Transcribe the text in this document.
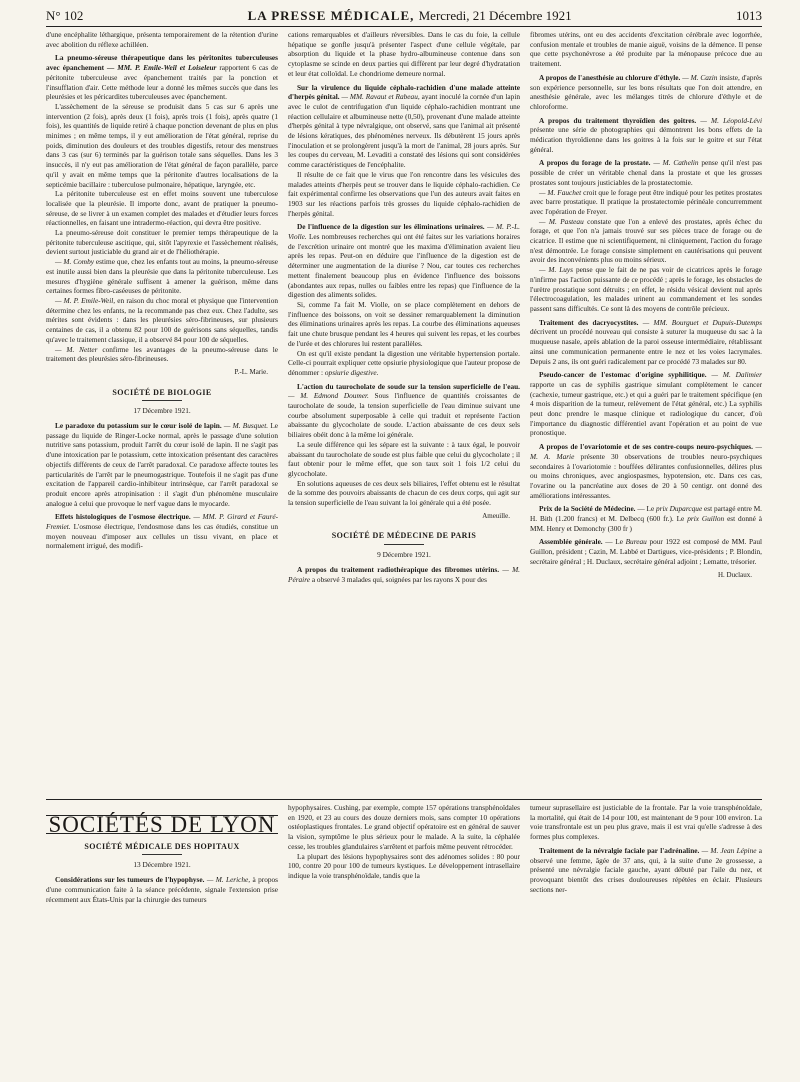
N° 102	LA PRESSE MÉDICALE, Mercredi, 21 Décembre 1921	1013

d'une encéphalite léthargique, présenta temporairement de la rétention d'urine avec abolition du réflexe achilléen.

La pneumo-séreuse thérapeutique dans les péritonites tuberculeuses avec épanchement — MM. P. Emile-Weil et Loiseleur rapportent 6 cas de péritonite tuberculeuse avec épanchement traités par la ponction et l'insufflation d'air. Cette méthode leur a donné les mêmes succès que dans les pleurésies et les péricardites tuberculeuses avec épanchement.

L'assèchement de la séreuse se produisit dans 5 cas sur 6 après une intervention (2 fois), après deux (1 fois), après trois (1 fois), après quatre (1 fois), les quantités de liquide retiré à chaque ponction devenant de plus en plus minimes ; en même temps, il y eut amélioration de l'état général, reprise du poids, diminution des douleurs et des troubles digestifs, retour des menstrues dans 3 cas (sur 6) terminés par la guérison totale sans séquelles. Dans les 3 insuccès, il n'y eut pas amélioration de l'état général de façon parallèle, parce qu'il y avait en même temps que la péritonite d'autres localisations de la septicémie bacillaire : tuberculose pulmonaire, hépatique, laryngée, etc.

La péritonite tuberculeuse est en effet moins souvent une tuberculose localisée que la pleurésie. Il importe donc, avant de pratiquer la pneumo-séreuse, de se livrer à un examen complet des malades et d'étudier leurs forces réactionnelles, en faisant une intradermo-réaction, qui devra être positive.

La pneumo-séreuse doit constituer le premier temps thérapeutique de la péritonite tuberculeuse ascitique, qui, sitôt l'apyrexie et l'assèchement réalisés, devient surtout justiciable du grand air et de l'héliothérapie.

— M. Comby estime que, chez les enfants tout au moins, la pneumo-séreuse est inutile aussi bien dans la pleurésie que dans la péritonite tuberculeuse. Les mesures d'hygiène générale suffisent à amener la guérison, même dans certaines formes fibro-caséeuses de péritonite.

— M. P. Emile-Weil, en raison du choc moral et physique que l'intervention détermine chez les enfants, ne la recommande pas chez eux. Chez l'adulte, ses mérites sont évidents : dans les pleurésies séro-fibrineuses, sur plusieurs centaines de cas, il a obtenu 82 pour 100 de guérisons sans séquelles, tandis qu'avec le traitement classique, il a observé 84 pour 100 de séquelles.

— M. Netter confirme les avantages de la pneumo-séreuse dans le traitement des pleurésies séro-fibrineuses.

P.-L. Marie.
SOCIÉTÉ DE BIOLOGIE
17 Décembre 1921.

Le paradoxe du potassium sur le cœur isolé de lapin. — M. Busquet. Le passage du liquide de Ringer-Locke normal, après le passage d'une solution nutritive sans potassium, produit l'arrêt du cœur isolé de lapin. Il ne s'agit pas d'une intoxication par le potassium, cette intoxication présentant des caractères objectifs différents de ceux de l'arrêt paradoxal. Ce paradoxe affecte toutes les particularités de l'arrêt par le pneumogastrique. Toutefois il ne s'agit pas d'une excitation de l'appareil cardio-inhibiteur intrinsèque, car l'arrêt paradoxal se produit encore après atropinisation : il s'agit d'un phénomène musculaire analogue à celui que provoque le nerf vague dans le myocarde.

Effets histologiques de l'osmose électrique. — MM. P. Girard et Fauré-Fremiet. L'osmose électrique, l'endosmose dans les cas étudiés, constitue un moyen nouveau d'imposer aux cellules un tissu vivant, en place et normalement irrigué, des modifi-

cations remarquables et d'ailleurs réversibles. Dans le cas du foie, la cellule hépatique se gonfle jusqu'à présenter l'aspect d'une cellule végétale, par absorption du liquide et la phase hydro-albumineuse contenue dans son cytoplasme se scinde en deux parties qui diffèrent par leur degré d'hydratation et leur état colloïdal. Le chondriome demeure normal.

Sur la virulence du liquide céphalo-rachidien d'une malade atteinte d'herpès génital. — MM. Ravaut et Rabeau, ayant inoculé la cornée d'un lapin avec le culot de centrifugation d'un liquide céphalo-rachidien montrant une réaction cellulaire et albumineuse nette (0,50), provenant d'une malade atteinte d'herpès génital à type névralgique, ont observé, sans que l'animal ait présenté de lésions kératiques, des phénomènes nerveux. Ils débutèrent 15 jours après l'inoculation et se prolongèrent jusqu'à la mort de l'animal, 28 jours après. Sur les coupes du cerveau, M. Levaditi a constaté des lésions qui sont considérées comme caractéristiques de l'encéphalite.

Il résulte de ce fait que le virus que l'on rencontre dans les vésicules des malades atteints d'herpès peut se trouver dans le liquide céphalo-rachidien. Ce fait expérimental confirme les observations que l'un des auteurs avait faites en 1903 sur les réactions parfois très grosses du liquide céphalo-rachidien de l'herpès génital.

De l'influence de la digestion sur les éliminations urinaires. — M. P.-L. Violle. Les nombreuses recherches qui ont été faites sur les variations horaires de l'excrétion urinaire ont montré que les maxima d'élimination avaient lieu après les repas. Peut-on en déduire que l'influence de la digestion est de déterminer une augmentation de la diurèse ? Nou, car toutes ces recherches mettent finalement beaucoup plus en évidence l'influence des boissons (abondantes aux repas, nulles ou faibles entre les repas) que l'influence de la digestion des aliments solides.

Si, comme l'a fait M. Violle, on se place complètement en dehors de l'influence des boissons, on voit se dessiner remarquablement la diminution des éliminations urinaires après les repas. La courbe des éliminations aqueuses fait une chute brusque pendant les 4 heures qui suivent les repas, et les courbes de l'urée et des chlorures lui restent parallèles.

On est qu'il existe pendant la digestion une véritable hypertension portale. Celle-ci pourrait expliquer cette opsiurie physiologique que l'auteur propose de dénommer : opsiurie digestive.

L'action du taurocholate de soude sur la tension superficielle de l'eau. — M. Edmond Doumer. Sous l'influence de quantités croissantes de taurocholate de soude, la tension superficielle de l'eau diminue suivant une courbe absolument superposable à celle qui traduit et représente l'action abaissante du glycocholate de soude. L'action abaissante de ces deux sels biliaires obéit donc à la même loi générale.

La seule différence qui les sépare est la suivante : à taux égal, le pouvoir abaissant du taurocholate de soude est plus faible que celui du glycocholate ; il faut obtenir pour le même effet, que son taux soit 1 fois 1/2 celui du glycocholate.

En solutions aqueuses de ces deux sels biliaires, l'effet obtenu est le résultat de la somme des pouvoirs abaissants de chacun de ces deux corps, qui agit sur la tension superficielle de l'eau suivant la loi générale qui a été posée.

Ameuille.
SOCIÉTÉ DE MÉDECINE DE PARIS
9 Décembre 1921.

A propos du traitement radiothérapique des fibromes utérins. — M. Péraire a observé 3 malades qui, soignées par les rayons X pour des

fibromes utérins, ont eu des accidents d'excitation cérébrale avec logorrhée, confusion mentale et troubles de manie aiguë, voisins de la démence. Il pense que cette psychonévrose a été produite par la ménopause précoce due au traitement.

A propos de l'anesthésie au chlorure d'éthyle. — M. Cazin insiste, d'après son expérience personnelle, sur les bons résultats que l'on doit attendre, en anesthésie générale, avec les mélanges titrés de chlorure d'éthyle et de chloroforme.

A propos du traitement thyroïdien des goitres. — M. Léopold-Lévi présente une série de photographies qui démontrent les bons effets de la médication thyroïdienne dans les goitres à la fois sur le goitre et sur l'état général.

A propos du forage de la prostate. — M. Cathelin pense qu'il n'est pas possible de créer un véritable chenal dans la prostate et que les grosses prostates sont toujours justiciables de la prostatectomie.

— M. Fauchet croit que le forage peut être indiqué pour les petites prostates avec barre prostatique. Il pratique la prostatectomie périnéale concurremment avec l'opération de Freyer.

— M. Pasteau constate que l'on a enlevé des prostates, après échec du forage, et que l'on n'a jamais trouvé sur ses pièces trace de forage ou de cicatrice. Il estime que ni scientifiquement, ni cliniquement, l'action du forage n'est démontrée. Le forage consiste simplement en cautérisations qui peuvent avoir des inconvénients plus ou moins sérieux.

— M. Luys pense que le fait de ne pas voir de cicatrices après le forage n'infirme pas l'action puissante de ce procédé ; après le forage, les obstacles de l'urètre prostatique sont détruits ; en effet, le résidu vésical devient nul après l'électrocoagulation, les malades urinent au commandement et les sondes passent sans difficultés. Ce sont là des moyens de contrôle précieux.

Traitement des dacryocystites. — MM. Bourguet et Dupuis-Dutemps décrivent un procédé nouveau qui consiste à suturer la muqueuse du sac à la muqueuse nasale, après ablation de la paroi osseuse intermédiaire, rétablissant ainsi une communication permanente entre le nez et les voies lacrymales. Depuis 2 ans, ils ont guéri radicalement par ce procédé 73 malades sur 80.

Pseudo-cancer de l'estomac d'origine syphilitique. — M. Dalimier rapporte un cas de syphilis gastrique simulant complètement le cancer (cachexie, tumeur gastrique, etc.) et qui a guéri par le traitement spécifique (en 4 mois disparition de la tumeur, relèvement de l'état général, etc.) La syphilis peut donc prendre le masque clinique et radiologique du cancer, d'où l'importance du diagnostic différentiel avant l'opération et au point de vue pronostique.

A propos de l'ovariotomie et de ses contre-coups neuro-psychiques. — M. A. Marie présente 30 observations de troubles neuro-psychiques secondaires à l'ovariotomie : bouffées délirantes confusionnelles, délires plus ou moins chroniques, avec angiospasmes, hypotension, etc. Dans ces cas, l'ovarine ou la pancréatine aux doses de 20 à 50 centigr. ont donné des améliorations intéressantes.

Prix de la Société de Médecine. — Le prix Duparcque est partagé entre M. H. Bith (1.200 francs) et M. Delbecq (600 fr.). Le prix Guillon est donné à MM. Henry et Demonchy (300 fr )

Assemblée générale. — Le Bureau pour 1922 est composé de MM. Paul Guillon, président ; Cazin, M. Labbé et Dartigues, vice-présidents ; P. Blondin, secrétaire général ; H. Duclaux, secrétaire général adjoint ; Lematte, trésorier.

H. Duclaux.
SOCIÉTÉS DE LYON
SOCIÉTÉ MÉDICALE DES HOPITAUX
13 Décembre 1921.

Considérations sur les tumeurs de l'hypophyse. — M. Leriche, à propos d'une communication faite à la séance précédente, signale l'extension prise récemment aux États-Unis par la chirurgie des tumeurs

hypophysaires. Cushing, par exemple, compte 157 opérations transphénoïdales en 1920, et 23 au cours des douze derniers mois, sans compter 10 opérations ostéoplastiques frontales. Le grand objectif opératoire est en général de sauver la vision, symptôme le plus sérieux pour le malade. A la suite, la céphalée cesse, les troubles glandulaires s'arrêtent et parfois même peuvent rétrocéder.

La plupart des lésions hypophysaires sont des adénomes solides : 80 pour 100, contre 20 pour 100 de tumeurs kystiques. Le développement intrasellaire indique la voie transphénoïdale, tandis que la

tumeur suprasellaire est justiciable de la frontale. Par la voie transphénoïdale, la mortalité, qui était de 14 pour 100, est maintenant de 9 pour 100 environ. La voie transfrontale est un peu plus grave, mais il est vrai qu'elle s'adresse à des formes plus complexes.

Traitement de la névralgie faciale par l'adrénaline. — M. Jean Lépine a observé une femme, âgée de 37 ans, qui, à la suite d'une 2e grossesse, a présenté une névralgie faciale gauche, ayant débuté par l'aile du nez, et provoquant bientôt des crises douloureuses répétées en éclair. Plusieurs sections ner-
